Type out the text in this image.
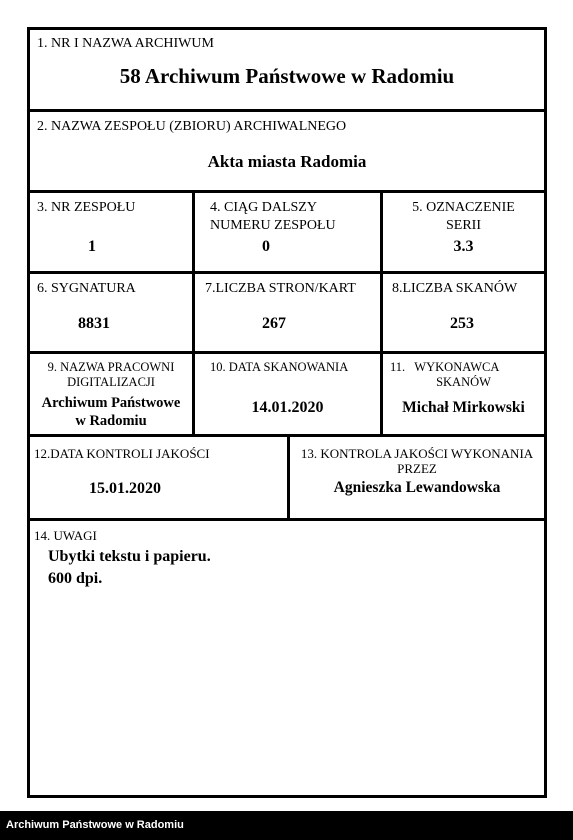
1. NR I NAZWA ARCHIWUM
58 Archiwum Państwowe w Radomiu
2. NAZWA ZESPOŁU (ZBIORU) ARCHIWALNEGO
Akta miasta Radomia
3. NR ZESPOŁU
1
4. CIĄG DALSZY
NUMERU ZESPOŁU
0
5. OZNACZENIE
SERII
3.3
6. SYGNATURA
8831
7.LICZBA STRON/KART
267
8.LICZBA SKANÓW
253
9. NAZWA PRACOWNI
DIGITALIZACJI
Archiwum Państwowe
w Radomiu
10. DATA SKANOWANIA
14.01.2020
11.   WYKONAWCA
SKANÓW
Michał Mirkowski
12.DATA KONTROLI JAKOŚCI
15.01.2020
13. KONTROLA JAKOŚCI WYKONANIA
PRZEZ
Agnieszka Lewandowska
14. UWAGI
Ubytki tekstu i papieru.
600 dpi.
Archiwum Państwowe w Radomiu
